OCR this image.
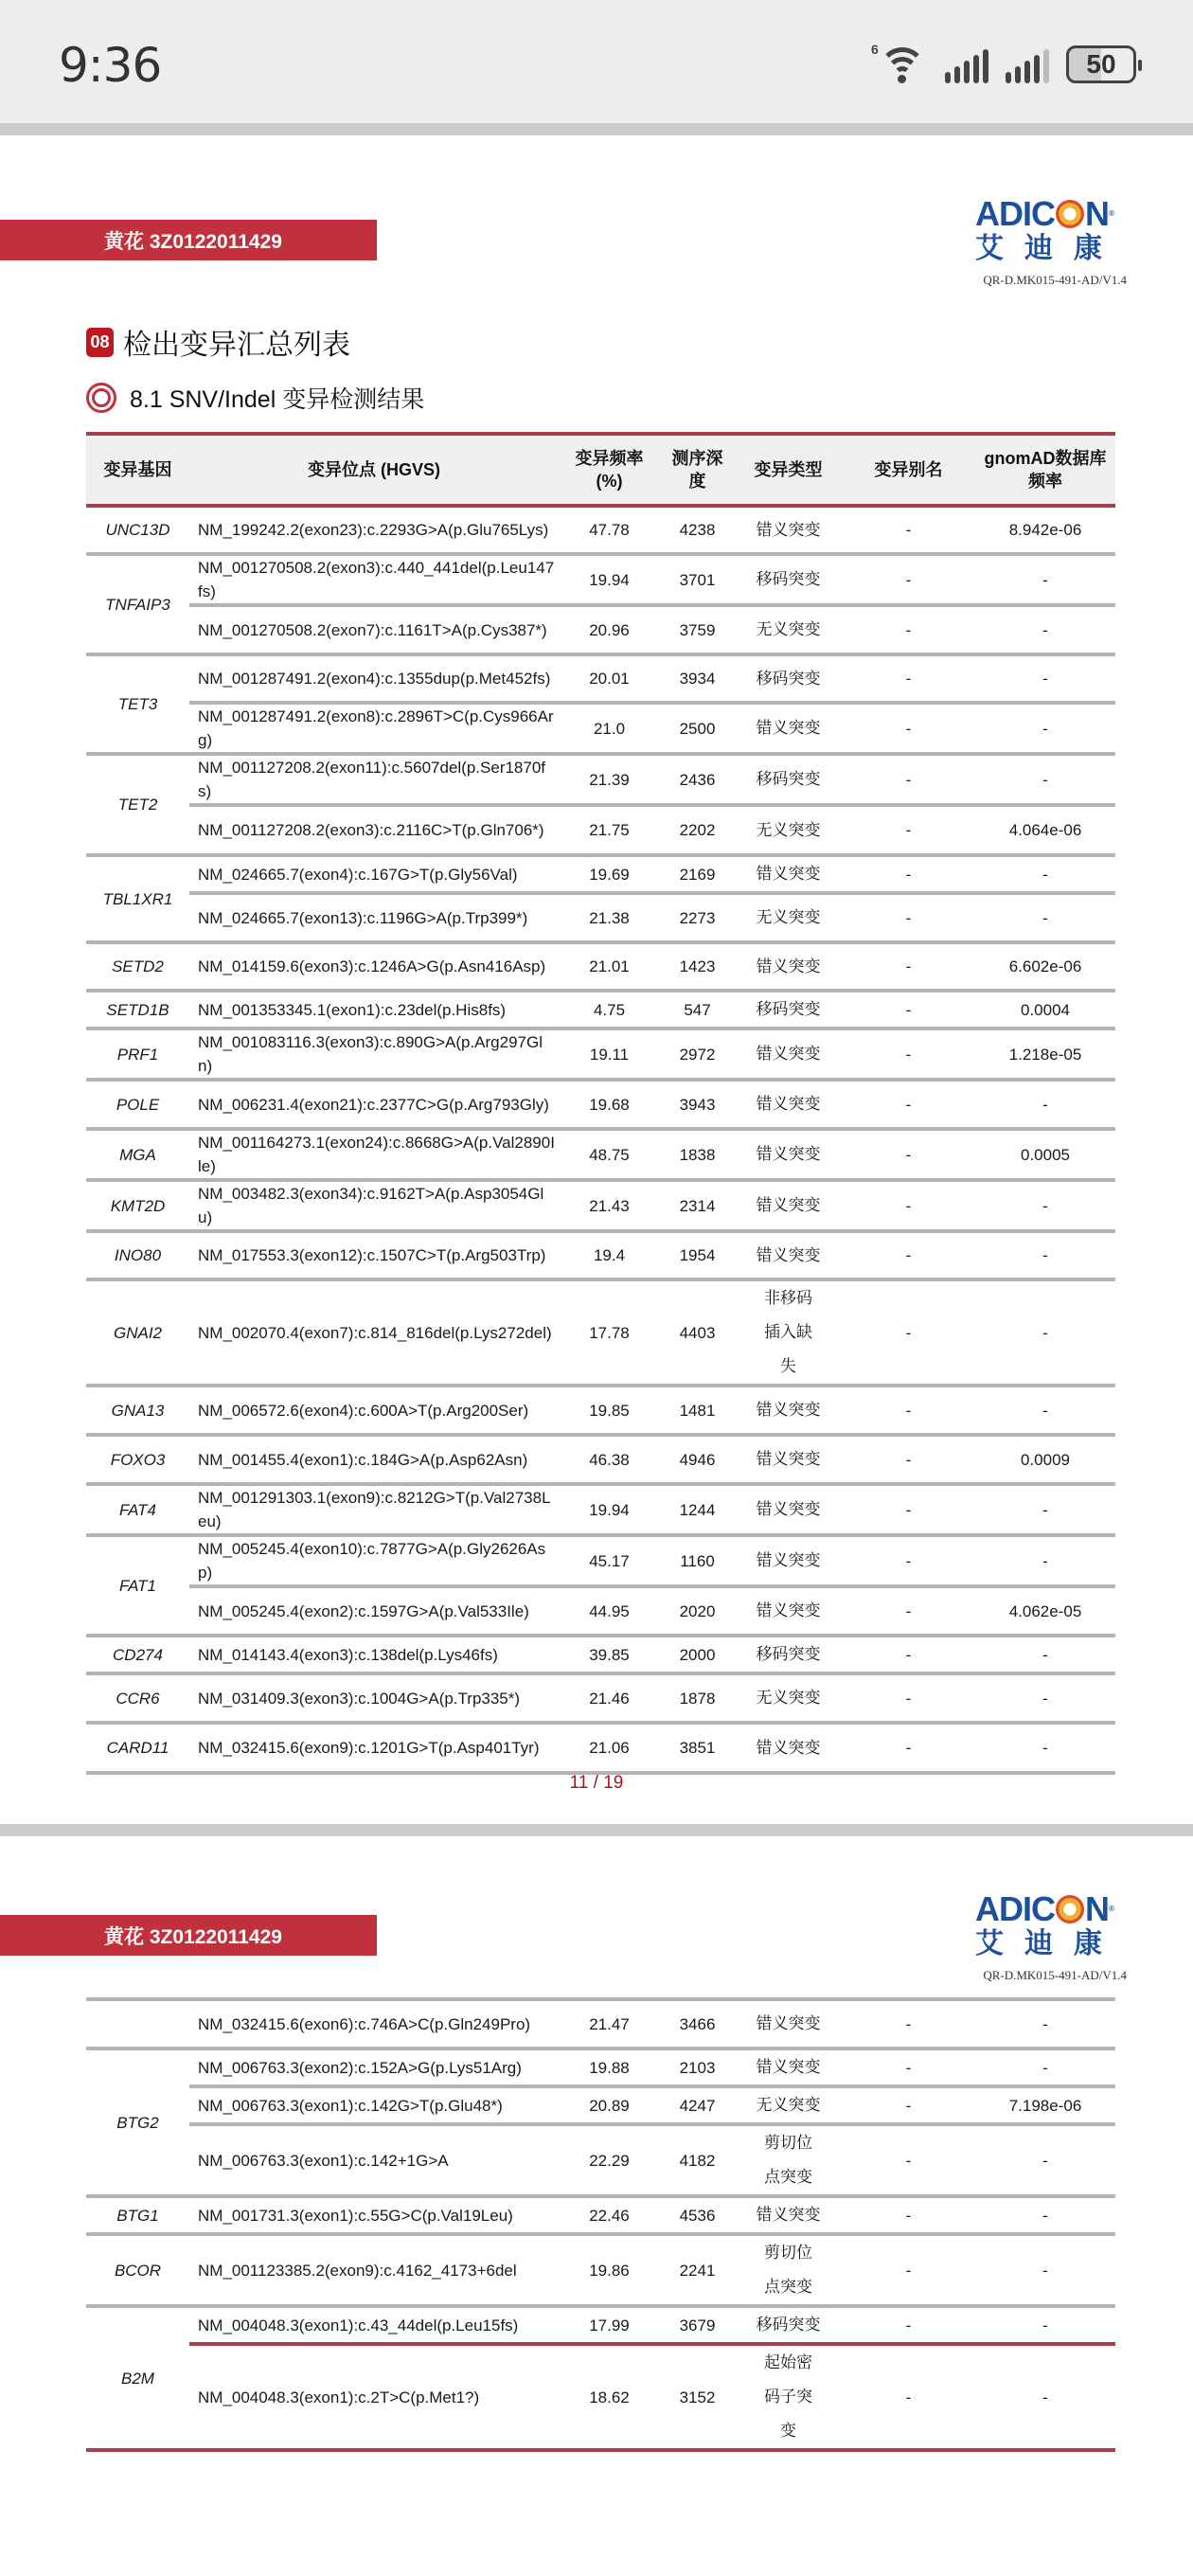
9:36	6	50
黄花 3Z0122011429
ADIC N ®
艾迪康
QR-D.MK015-491-AD/V1.4
08 检出变异汇总列表
8.1 SNV/Indel 变异检测结果
变异基因	变异位点 (HGVS)	变异频率(%)	测序深度	变异类型	变异别名	gnomAD数据库频率
UNC13D	NM_199242.2(exon23):c.2293G>A(p.Glu765Lys)	47.78	4238	错义突变	-	8.942e-06
TNFAIP3	NM_001270508.2(exon3):c.440_441del(p.Leu147fs)	19.94	3701	移码突变	-	-
	NM_001270508.2(exon7):c.1161T>A(p.Cys387*)	20.96	3759	无义突变	-	-
TET3	NM_001287491.2(exon4):c.1355dup(p.Met452fs)	20.01	3934	移码突变	-	-
	NM_001287491.2(exon8):c.2896T>C(p.Cys966Arg)	21.0	2500	错义突变	-	-
TET2	NM_001127208.2(exon11):c.5607del(p.Ser1870fs)	21.39	2436	移码突变	-	-
	NM_001127208.2(exon3):c.2116C>T(p.Gln706*)	21.75	2202	无义突变	-	4.064e-06
TBL1XR1	NM_024665.7(exon4):c.167G>T(p.Gly56Val)	19.69	2169	错义突变	-	-
	NM_024665.7(exon13):c.1196G>A(p.Trp399*)	21.38	2273	无义突变	-	-
SETD2	NM_014159.6(exon3):c.1246A>G(p.Asn416Asp)	21.01	1423	错义突变	-	6.602e-06
SETD1B	NM_001353345.1(exon1):c.23del(p.His8fs)	4.75	547	移码突变	-	0.0004
PRF1	NM_001083116.3(exon3):c.890G>A(p.Arg297Gln)	19.11	2972	错义突变	-	1.218e-05
POLE	NM_006231.4(exon21):c.2377C>G(p.Arg793Gly)	19.68	3943	错义突变	-	-
MGA	NM_001164273.1(exon24):c.8668G>A(p.Val2890Ile)	48.75	1838	错义突变	-	0.0005
KMT2D	NM_003482.3(exon34):c.9162T>A(p.Asp3054Glu)	21.43	2314	错义突变	-	-
INO80	NM_017553.3(exon12):c.1507C>T(p.Arg503Trp)	19.4	1954	错义突变	-	-
GNAI2	NM_002070.4(exon7):c.814_816del(p.Lys272del)	17.78	4403	非移码插入缺失	-	-
GNA13	NM_006572.6(exon4):c.600A>T(p.Arg200Ser)	19.85	1481	错义突变	-	-
FOXO3	NM_001455.4(exon1):c.184G>A(p.Asp62Asn)	46.38	4946	错义突变	-	0.0009
FAT4	NM_001291303.1(exon9):c.8212G>T(p.Val2738Leu)	19.94	1244	错义突变	-	-
FAT1	NM_005245.4(exon10):c.7877G>A(p.Gly2626Asp)	45.17	1160	错义突变	-	-
	NM_005245.4(exon2):c.1597G>A(p.Val533Ile)	44.95	2020	错义突变	-	4.062e-05
CD274	NM_014143.4(exon3):c.138del(p.Lys46fs)	39.85	2000	移码突变	-	-
CCR6	NM_031409.3(exon3):c.1004G>A(p.Trp335*)	21.46	1878	无义突变	-	-
CARD11	NM_032415.6(exon9):c.1201G>T(p.Asp401Tyr)	21.06	3851	错义突变	-	-
11 / 19
黄花 3Z0122011429
ADIC N ®
艾迪康
QR-D.MK015-491-AD/V1.4
	NM_032415.6(exon6):c.746A>C(p.Gln249Pro)	21.47	3466	错义突变	-	-
BTG2	NM_006763.3(exon2):c.152A>G(p.Lys51Arg)	19.88	2103	错义突变	-	-
	NM_006763.3(exon1):c.142G>T(p.Glu48*)	20.89	4247	无义突变	-	7.198e-06
	NM_006763.3(exon1):c.142+1G>A	22.29	4182	剪切位点突变	-	-
BTG1	NM_001731.3(exon1):c.55G>C(p.Val19Leu)	22.46	4536	错义突变	-	-
BCOR	NM_001123385.2(exon9):c.4162_4173+6del	19.86	2241	剪切位点突变	-	-
B2M	NM_004048.3(exon1):c.43_44del(p.Leu15fs)	17.99	3679	移码突变	-	-
	NM_004048.3(exon1):c.2T>C(p.Met1?)	18.62	3152	起始密码子突变	-	-
